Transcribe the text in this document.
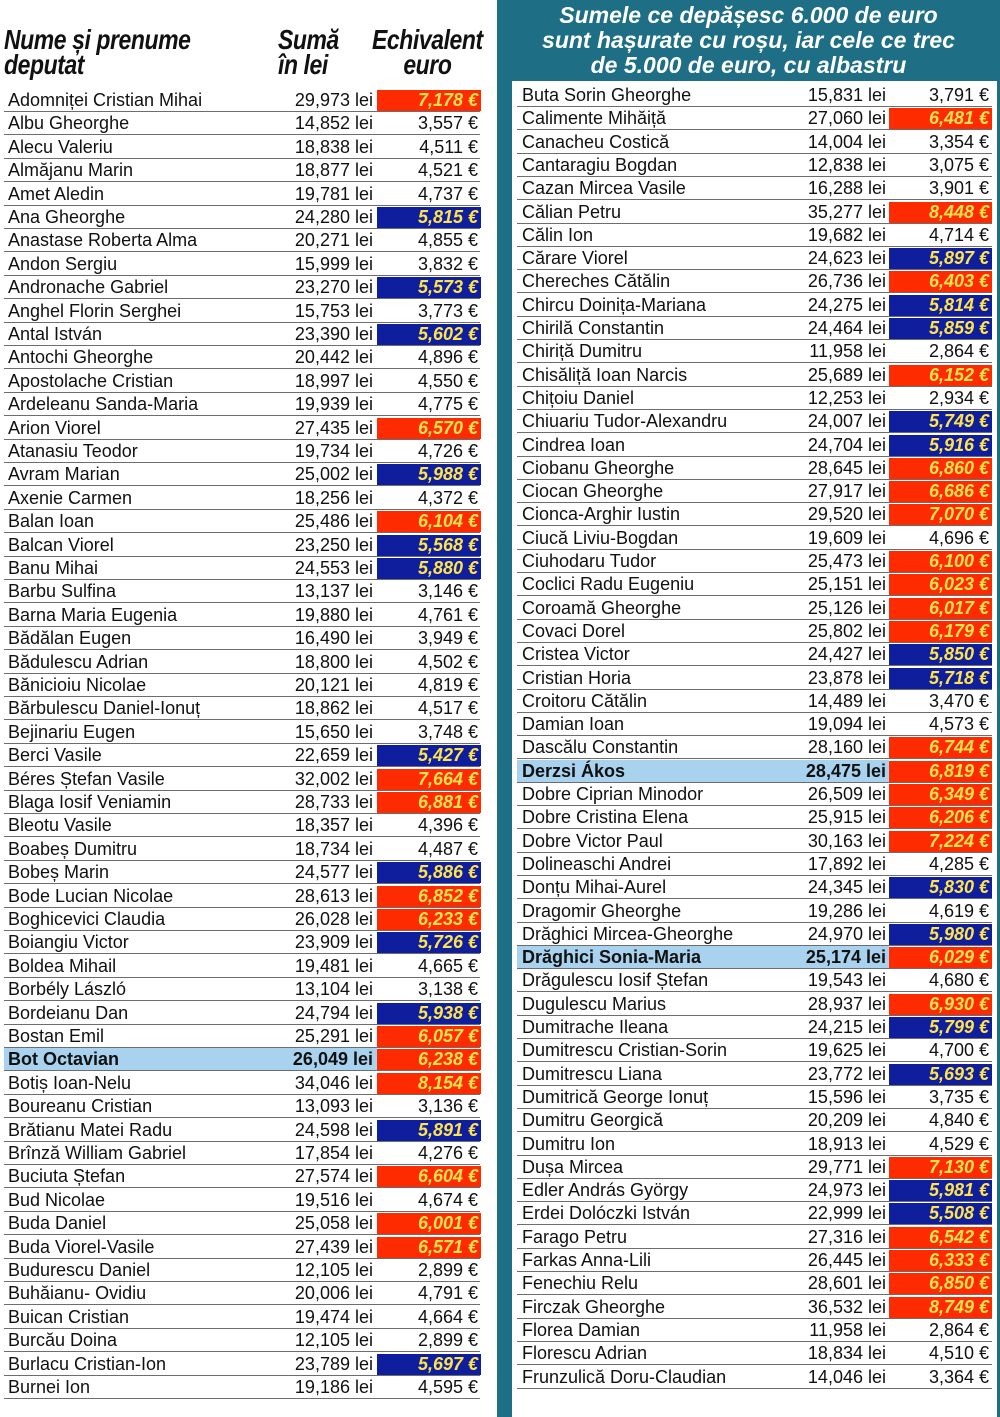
Nume și prenume
deputat
Sumă
în lei
Echivalent
euro
Adomniței Cristian Mihai	29,973 lei	7,178 €
Albu Gheorghe	14,852 lei	3,557 €
Alecu Valeriu	18,838 lei	4,511 €
Almăjanu Marin	18,877 lei	4,521 €
Amet Aledin	19,781 lei	4,737 €
Ana Gheorghe	24,280 lei	5,815 €
Anastase Roberta Alma	20,271 lei	4,855 €
Andon Sergiu	15,999 lei	3,832 €
Andronache Gabriel	23,270 lei	5,573 €
Anghel Florin Serghei	15,753 lei	3,773 €
Antal István	23,390 lei	5,602 €
Antochi Gheorghe	20,442 lei	4,896 €
Apostolache Cristian	18,997 lei	4,550 €
Ardeleanu Sanda-Maria	19,939 lei	4,775 €
Arion Viorel	27,435 lei	6,570 €
Atanasiu Teodor	19,734 lei	4,726 €
Avram Marian	25,002 lei	5,988 €
Axenie Carmen	18,256 lei	4,372 €
Balan Ioan	25,486 lei	6,104 €
Balcan Viorel	23,250 lei	5,568 €
Banu Mihai	24,553 lei	5,880 €
Barbu Sulfina	13,137 lei	3,146 €
Barna Maria Eugenia	19,880 lei	4,761 €
Bădălan Eugen	16,490 lei	3,949 €
Bădulescu Adrian	18,800 lei	4,502 €
Bănicioiu Nicolae	20,121 lei	4,819 €
Bărbulescu Daniel-Ionuț	18,862 lei	4,517 €
Bejinariu Eugen	15,650 lei	3,748 €
Berci Vasile	22,659 lei	5,427 €
Béres Ștefan Vasile	32,002 lei	7,664 €
Blaga Iosif Veniamin	28,733 lei	6,881 €
Bleotu Vasile	18,357 lei	4,396 €
Boabeș Dumitru	18,734 lei	4,487 €
Bobeș Marin	24,577 lei	5,886 €
Bode Lucian Nicolae	28,613 lei	6,852 €
Boghicevici Claudia	26,028 lei	6,233 €
Boiangiu Victor	23,909 lei	5,726 €
Boldea Mihail	19,481 lei	4,665 €
Borbély László	13,104 lei	3,138 €
Bordeianu Dan	24,794 lei	5,938 €
Bostan Emil	25,291 lei	6,057 €
Bot Octavian	26,049 lei	6,238 €
Botiș Ioan-Nelu	34,046 lei	8,154 €
Boureanu Cristian	13,093 lei	3,136 €
Brătianu Matei Radu	24,598 lei	5,891 €
Brînză William Gabriel	17,854 lei	4,276 €
Buciuta Ștefan	27,574 lei	6,604 €
Bud Nicolae	19,516 lei	4,674 €
Buda Daniel	25,058 lei	6,001 €
Buda Viorel-Vasile	27,439 lei	6,571 €
Budurescu Daniel	12,105 lei	2,899 €
Buhăianu- Ovidiu	20,006 lei	4,791 €
Buican Cristian	19,474 lei	4,664 €
Burcău Doina	12,105 lei	2,899 €
Burlacu Cristian-Ion	23,789 lei	5,697 €
Burnei Ion	19,186 lei	4,595 €
Sumele ce depășesc 6.000 de euro
sunt hașurate cu roșu, iar cele ce trec
de 5.000 de euro, cu albastru
Buta Sorin Gheorghe	15,831 lei	3,791 €
Calimente Mihăiță	27,060 lei	6,481 €
Canacheu Costică	14,004 lei	3,354 €
Cantaragiu Bogdan	12,838 lei	3,075 €
Cazan Mircea Vasile	16,288 lei	3,901 €
Călian Petru	35,277 lei	8,448 €
Călin Ion	19,682 lei	4,714 €
Cărare Viorel	24,623 lei	5,897 €
Chereches Cătălin	26,736 lei	6,403 €
Chircu Doinița-Mariana	24,275 lei	5,814 €
Chirilă Constantin	24,464 lei	5,859 €
Chiriță Dumitru	11,958 lei	2,864 €
Chisăliță Ioan Narcis	25,689 lei	6,152 €
Chițoiu Daniel	12,253 lei	2,934 €
Chiuariu Tudor-Alexandru	24,007 lei	5,749 €
Cindrea Ioan	24,704 lei	5,916 €
Ciobanu Gheorghe	28,645 lei	6,860 €
Ciocan Gheorghe	27,917 lei	6,686 €
Cionca-Arghir Iustin	29,520 lei	7,070 €
Ciucă Liviu-Bogdan	19,609 lei	4,696 €
Ciuhodaru Tudor	25,473 lei	6,100 €
Coclici Radu Eugeniu	25,151 lei	6,023 €
Coroamă Gheorghe	25,126 lei	6,017 €
Covaci Dorel	25,802 lei	6,179 €
Cristea Victor	24,427 lei	5,850 €
Cristian Horia	23,878 lei	5,718 €
Croitoru Cătălin	14,489 lei	3,470 €
Damian Ioan	19,094 lei	4,573 €
Dascălu Constantin	28,160 lei	6,744 €
Derzsi Ákos	28,475 lei	6,819 €
Dobre Ciprian Minodor	26,509 lei	6,349 €
Dobre Cristina Elena	25,915 lei	6,206 €
Dobre Victor Paul	30,163 lei	7,224 €
Dolineaschi Andrei	17,892 lei	4,285 €
Donțu Mihai-Aurel	24,345 lei	5,830 €
Dragomir Gheorghe	19,286 lei	4,619 €
Drăghici Mircea-Gheorghe	24,970 lei	5,980 €
Drăghici Sonia-Maria	25,174 lei	6,029 €
Drăgulescu Iosif Ștefan	19,543 lei	4,680 €
Dugulescu Marius	28,937 lei	6,930 €
Dumitrache Ileana	24,215 lei	5,799 €
Dumitrescu Cristian-Sorin	19,625 lei	4,700 €
Dumitrescu Liana	23,772 lei	5,693 €
Dumitrică George Ionuț	15,596 lei	3,735 €
Dumitru Georgică	20,209 lei	4,840 €
Dumitru Ion	18,913 lei	4,529 €
Dușa Mircea	29,771 lei	7,130 €
Edler András György	24,973 lei	5,981 €
Erdei Dolóczki István	22,999 lei	5,508 €
Farago Petru	27,316 lei	6,542 €
Farkas Anna-Lili	26,445 lei	6,333 €
Fenechiu Relu	28,601 lei	6,850 €
Firczak Gheorghe	36,532 lei	8,749 €
Florea Damian	11,958 lei	2,864 €
Florescu Adrian	18,834 lei	4,510 €
Frunzulică Doru-Claudian	14,046 lei	3,364 €
